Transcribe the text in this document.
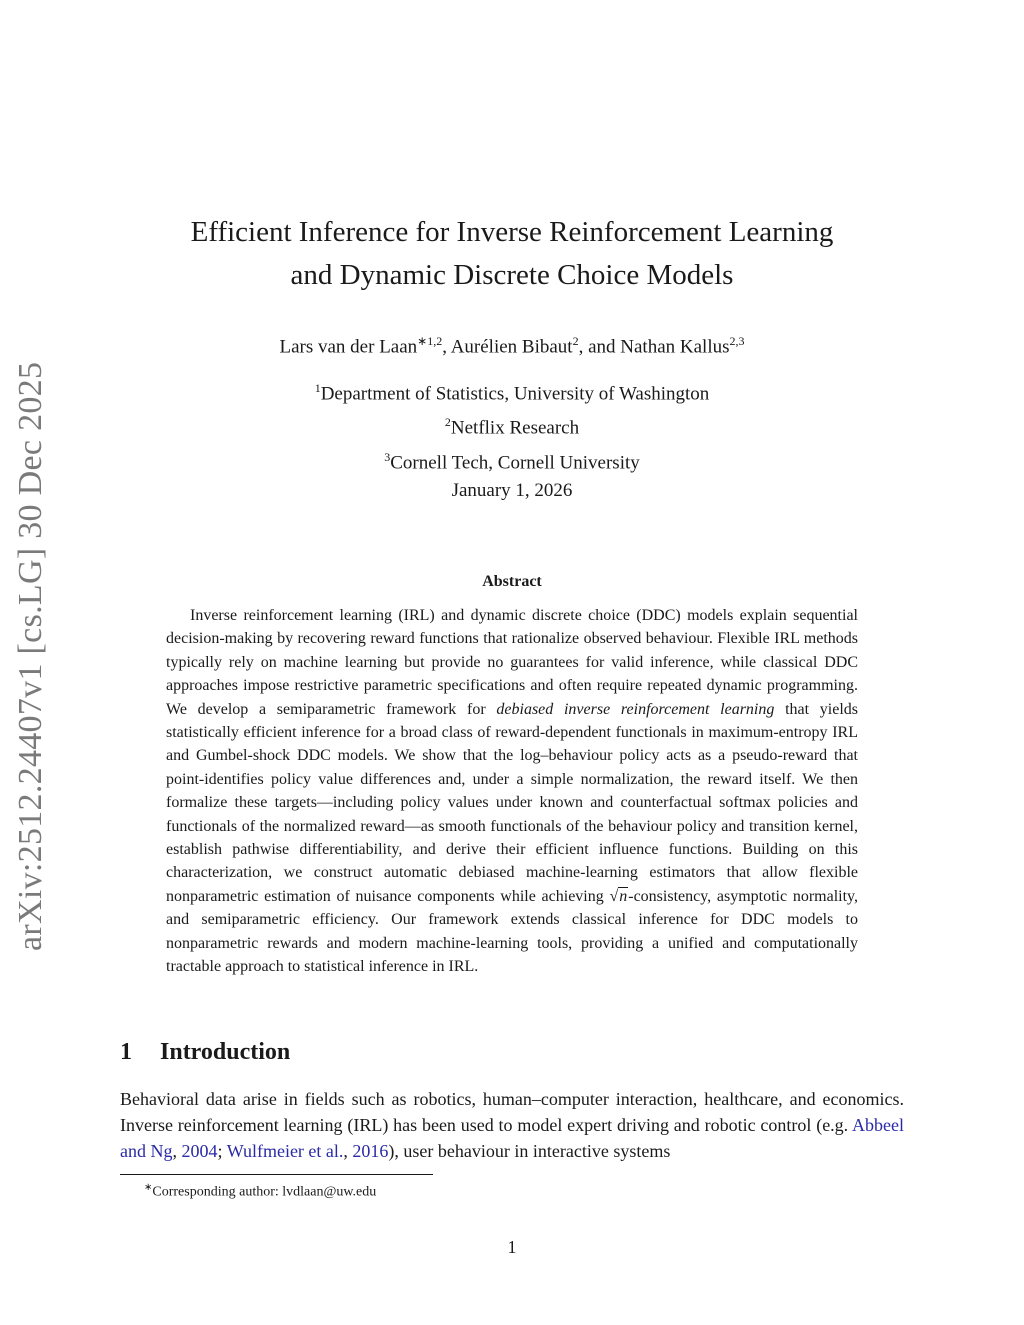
arXiv:2512.24407v1 [cs.LG] 30 Dec 2025
Efficient Inference for Inverse Reinforcement Learning
and Dynamic Discrete Choice Models
Lars van der Laan$^{∗1,2}$, Aurélien Bibaut$^2$, and Nathan Kallus$^{2,3}$
$^1$Department of Statistics, University of Washington
$^2$Netflix Research
$^3$Cornell Tech, Cornell University
January 1, 2026
Abstract

Inverse reinforcement learning (IRL) and dynamic discrete choice (DDC) models explain sequential decision-making by recovering reward functions that rationalize observed behaviour. Flexible IRL methods typically rely on machine learning but provide no guarantees for valid inference, while classical DDC approaches impose restrictive parametric specifications and often require repeated dynamic programming. We develop a semiparametric framework for debiased inverse reinforcement learning that yields statistically efficient inference for a broad class of reward-dependent functionals in maximum-entropy IRL and Gumbel-shock DDC models. We show that the log–behaviour policy acts as a pseudo-reward that point-identifies policy value differences and, under a simple normalization, the reward itself. We then formalize these targets—including policy values under known and counterfactual softmax policies and functionals of the normalized reward—as smooth functionals of the behaviour policy and transition kernel, establish pathwise differentiability, and derive their efficient influence functions. Building on this characterization, we construct automatic debiased machine-learning estimators that allow flexible nonparametric estimation of nuisance components while achieving √n-consistency, asymptotic normality, and semiparametric efficiency. Our framework extends classical inference for DDC models to nonparametric rewards and modern machine-learning tools, providing a unified and computationally tractable approach to statistical inference in IRL.

1 Introduction

Behavioral data arise in fields such as robotics, human–computer interaction, healthcare, and economics. Inverse reinforcement learning (IRL) has been used to model expert driving and robotic control (e.g. Abbeel and Ng, 2004; Wulfmeier et al., 2016), user behaviour in interactive systems

∗Corresponding author: lvdlaan@uw.edu
1
